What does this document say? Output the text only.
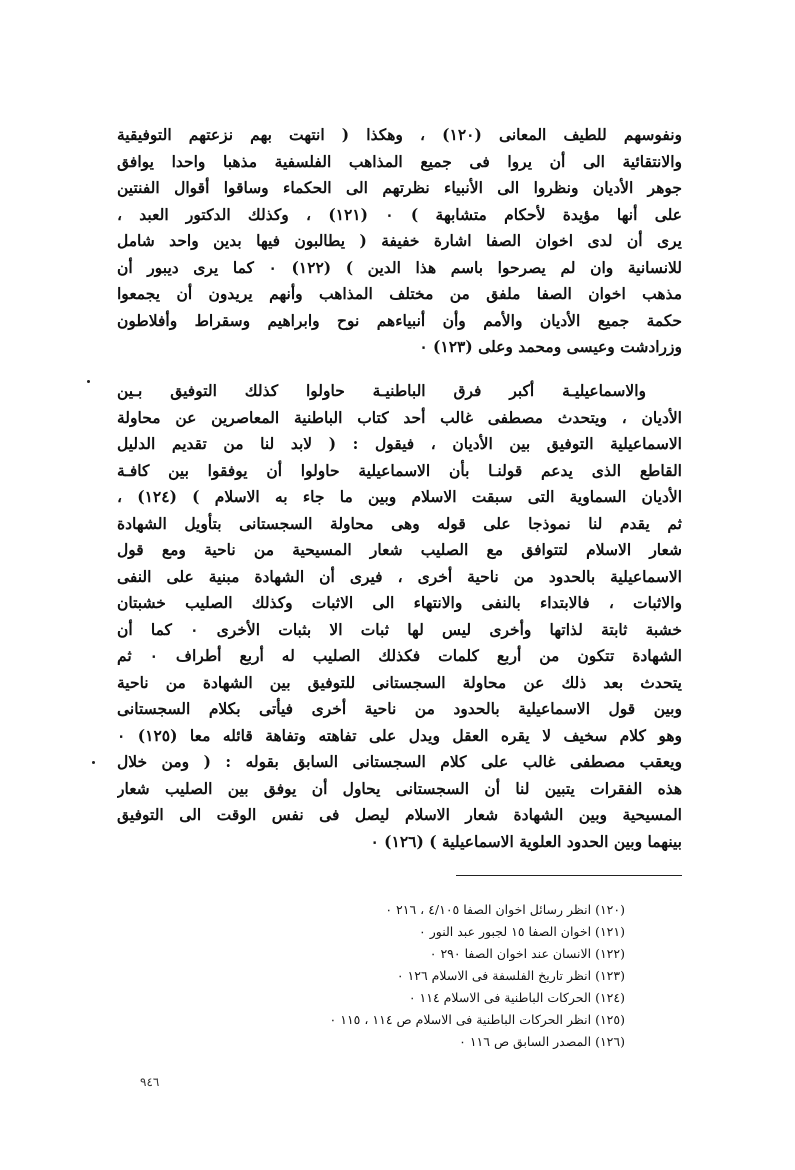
ونفوسهم للطيف المعانى (١٢٠) ، وهكذا ( انتهت بهم نزعتهم التوفيقية
والانتقائية الى أن يروا فى جميع المذاهب الفلسفية مذهبا واحدا يوافق
جوهر الأديان ونظروا الى الأنبياء نظرتهم الى الحكماء وساقوا أقوال الفنتين
على أنها مؤيدة لأحكام متشابهة ) ٠ (١٢١) ، وكذلك الدكتور العبد ،
يرى أن لدى اخوان الصفا اشارة خفيفة ( يطالبون فيها بدين واحد شامل
للانسانية وان لم يصرحوا باسم هذا الدين ) (١٢٢) ٠ كما يرى ديبور أن
مذهب اخوان الصفا ملفق من مختلف المذاهب وأنهم يريدون أن يجمعوا
حكمة جميع الأديان والأمم وأن أنبياءهم نوح وابراهيم وسقراط وأفلاطون
وزرادشت وعيسى ومحمد وعلى (١٢٣) ٠
والاسماعيليـة أكبر فرق الباطنيـة حاولوا كذلك التوفيق بـين
الأديان ، ويتحدث مصطفى غالب أحد كتاب الباطنية المعاصرين عن محاولة
الاسماعيلية التوفيق بين الأديان ، فيقول : ( لابد لنا من تقديم الدليل
القاطع الذى يدعم قولنـا بأن الاسماعيلية حاولوا أن يوفقوا بين كافـة
الأديان السماوية التى سبقت الاسلام وبين ما جاء به الاسلام ) (١٢٤) ،
ثم يقدم لنا نموذجا على قوله وهى محاولة السجستانى بتأويل الشهادة
شعار الاسلام لتتوافق مع الصليب شعار المسيحية من ناحية ومع قول
الاسماعيلية بالحدود من ناحية أخرى ، فيرى أن الشهادة مبنية على النفى
والاثبات ، فالابتداء بالنفى والانتهاء الى الاثبات وكذلك الصليب خشبتان
خشبة ثابتة لذاتها وأخرى ليس لها ثبات الا بثبات الأخرى ٠ كما أن
الشهادة تتكون من أربع كلمات فكذلك الصليب له أربع أطراف ٠ ثم
يتحدث بعد ذلك عن محاولة السجستانى للتوفيق بين الشهادة من ناحية
وبين قول الاسماعيلية بالحدود من ناحية أخرى فيأتى بكلام السجستانى
وهو كلام سخيف لا يقره العقل ويدل على تفاهته وتفاهة قائله معا (١٢٥) ٠
ويعقب مصطفى غالب على كلام السجستانى السابق بقوله : ( ومن خلال
هذه الفقرات يتبين لنا أن السجستانى يحاول أن يوفق بين الصليب شعار
المسيحية وبين الشهادة شعار الاسلام ليصل فى نفس الوقت الى التوفيق
بينهما وبين الحدود العلوية الاسماعيلية ) (١٢٦) ٠
(١٢٠) انظر رسائل اخوان الصفا ٤/١٠٥ ، ٢١٦ ٠
(١٢١) اخوان الصفا ١٥ لجبور عبد النور ٠
(١٢٢) الانسان عند اخوان الصفا ٢٩٠ ٠
(١٢٣) انظر تاريخ الفلسفة فى الاسلام ١٢٦ ٠
(١٢٤) الحركات الباطنية فى الاسلام ١١٤ ٠
(١٢٥) انظر الحركات الباطنية فى الاسلام ص ١١٤ ، ١١٥ ٠
(١٢٦) المصدر السابق ص ١١٦ ٠
٩٤٦
